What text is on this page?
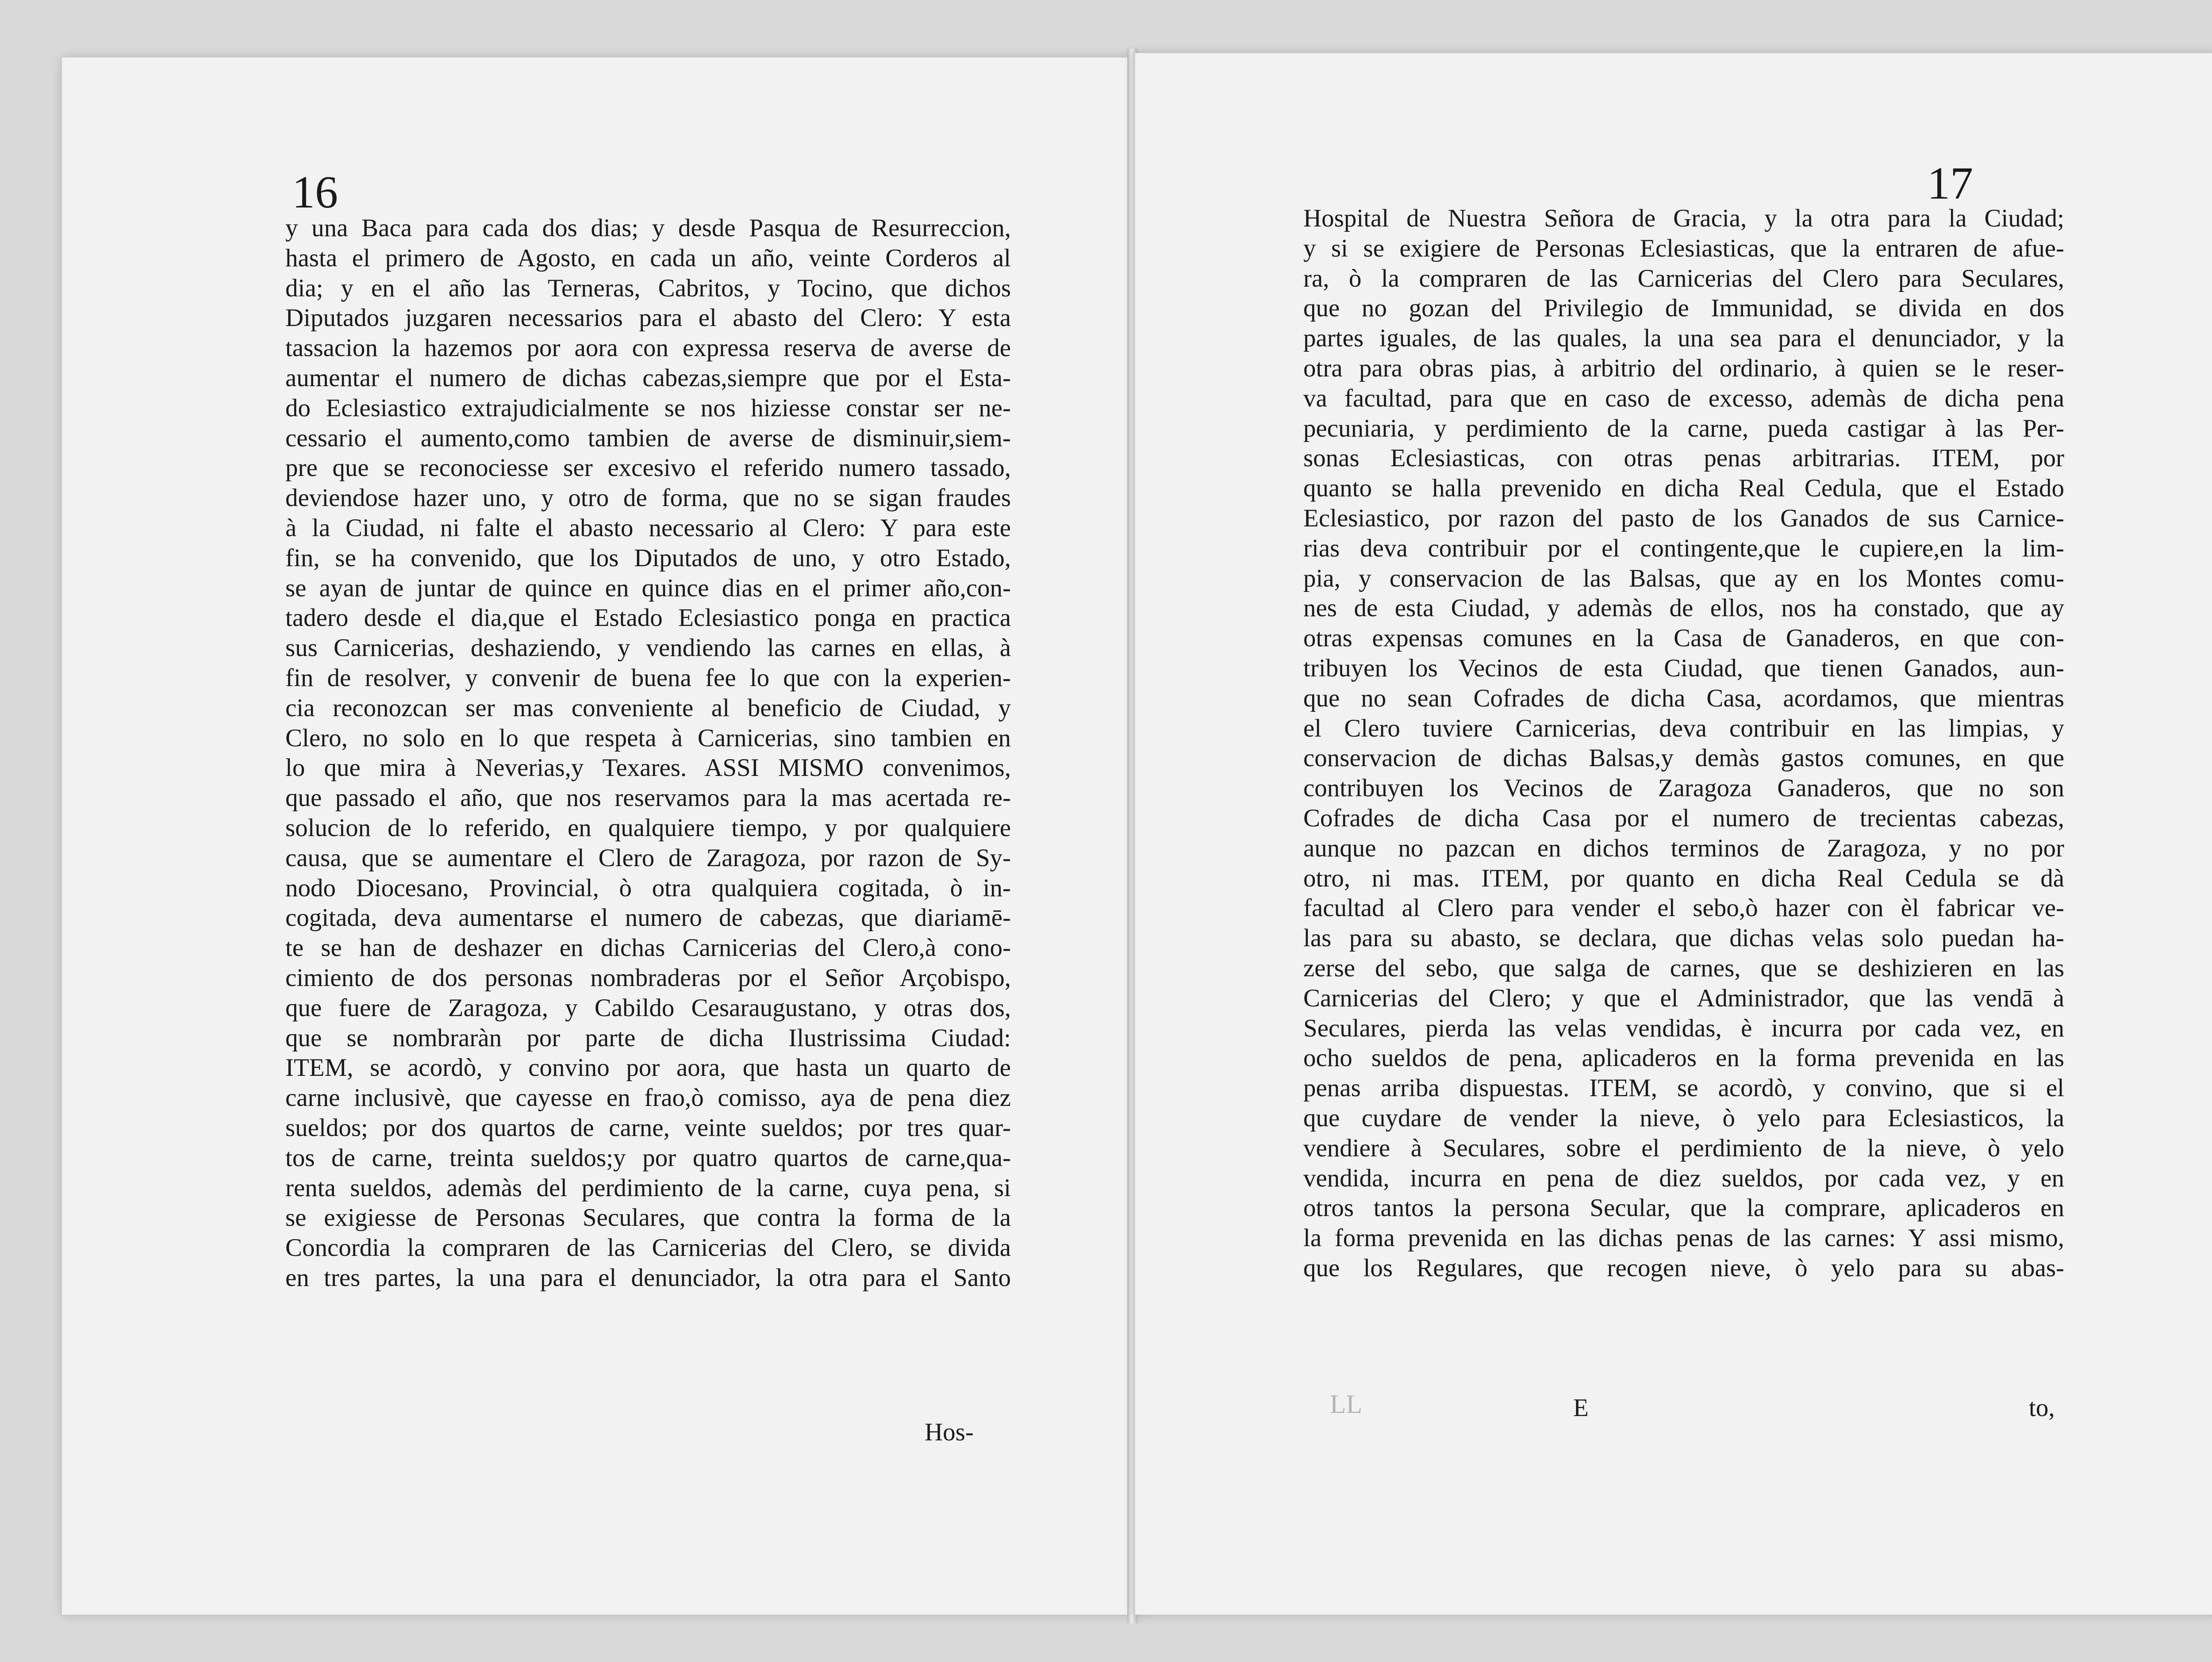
16
y una Baca para cada dos dias; y desde Pasqua de Resurreccion,
hasta el primero de Agosto, en cada un año, veinte Corderos al
dia; y en el año las Terneras, Cabritos, y Tocino, que dichos
Diputados juzgaren necessarios para el abasto del Clero: Y esta
tassacion la hazemos por aora con expressa reserva de averse de
aumentar el numero de dichas cabezas,siempre que por el Esta-
do Eclesiastico extrajudicialmente se nos hiziesse constar ser ne-
cessario el aumento,como tambien de averse de disminuir,siem-
pre que se reconociesse ser excesivo el referido numero tassado,
deviendose hazer uno, y otro de forma, que no se sigan fraudes
à la Ciudad, ni falte el abasto necessario al Clero: Y para este
fin, se ha convenido, que los Diputados de uno, y otro Estado,
se ayan de juntar de quince en quince dias en el primer año,con-
tadero desde el dia,que el Estado Eclesiastico ponga en practica
sus Carnicerias, deshaziendo, y vendiendo las carnes en ellas, à
fin de resolver, y convenir de buena fee lo que con la experien-
cia reconozcan ser mas conveniente al beneficio de Ciudad, y
Clero, no solo en lo que respeta à Carnicerias, sino tambien en
lo que mira à Neverias,y Texares. ASSI MISMO convenimos,
que passado el año, que nos reservamos para la mas acertada re-
solucion de lo referido, en qualquiere tiempo, y por qualquiere
causa, que se aumentare el Clero de Zaragoza, por razon de Sy-
nodo Diocesano, Provincial, ò otra qualquiera cogitada, ò in-
cogitada, deva aumentarse el numero de cabezas, que diariamē-
te se han de deshazer en dichas Carnicerias del Clero,à cono-
cimiento de dos personas nombraderas por el Señor Arçobispo,
que fuere de Zaragoza, y Cabildo Cesaraugustano, y otras dos,
que se nombraràn por parte de dicha Ilustrissima Ciudad:
ITEM, se acordò, y convino por aora, que hasta un quarto de
carne inclusivè, que cayesse en frao,ò comisso, aya de pena diez
sueldos; por dos quartos de carne, veinte sueldos; por tres quar-
tos de carne, treinta sueldos;y por quatro quartos de carne,qua-
renta sueldos, ademàs del perdimiento de la carne, cuya pena, si
se exigiesse de Personas Seculares, que contra la forma de la
Concordia la compraren de las Carnicerias del Clero, se divida
en tres partes, la una para el denunciador, la otra para el Santo
Hos-
17
Hospital de Nuestra Señora de Gracia, y la otra para la Ciudad;
y si se exigiere de Personas Eclesiasticas, que la entraren de afue-
ra, ò la compraren de las Carnicerias del Clero para Seculares,
que no gozan del Privilegio de Immunidad, se divida en dos
partes iguales, de las quales, la una sea para el denunciador, y la
otra para obras pias, à arbitrio del ordinario, à quien se le reser-
va facultad, para que en caso de excesso, ademàs de dicha pena
pecuniaria, y perdimiento de la carne, pueda castigar à las Per-
sonas Eclesiasticas, con otras penas arbitrarias. ITEM, por
quanto se halla prevenido en dicha Real Cedula, que el Estado
Eclesiastico, por razon del pasto de los Ganados de sus Carnice-
rias deva contribuir por el contingente,que le cupiere,en la lim-
pia, y conservacion de las Balsas, que ay en los Montes comu-
nes de esta Ciudad, y ademàs de ellos, nos ha constado, que ay
otras expensas comunes en la Casa de Ganaderos, en que con-
tribuyen los Vecinos de esta Ciudad, que tienen Ganados, aun-
que no sean Cofrades de dicha Casa, acordamos, que mientras
el Clero tuviere Carnicerias, deva contribuir en las limpias, y
conservacion de dichas Balsas,y demàs gastos comunes, en que
contribuyen los Vecinos de Zaragoza Ganaderos, que no son
Cofrades de dicha Casa por el numero de trecientas cabezas,
aunque no pazcan en dichos terminos de Zaragoza, y no por
otro, ni mas. ITEM, por quanto en dicha Real Cedula se dà
facultad al Clero para vender el sebo,ò hazer con èl fabricar ve-
las para su abasto, se declara, que dichas velas solo puedan ha-
zerse del sebo, que salga de carnes, que se deshizieren en las
Carnicerias del Clero; y que el Administrador, que las vendā à
Seculares, pierda las velas vendidas, è incurra por cada vez, en
ocho sueldos de pena, aplicaderos en la forma prevenida en las
penas arriba dispuestas. ITEM, se acordò, y convino, que si el
que cuydare de vender la nieve, ò yelo para Eclesiasticos, la
vendiere à Seculares, sobre el perdimiento de la nieve, ò yelo
vendida, incurra en pena de diez sueldos, por cada vez, y en
otros tantos la persona Secular, que la comprare, aplicaderos en
la forma prevenida en las dichas penas de las carnes: Y assi mismo,
que los Regulares, que recogen nieve, ò yelo para su abas-
LL	E	to,
